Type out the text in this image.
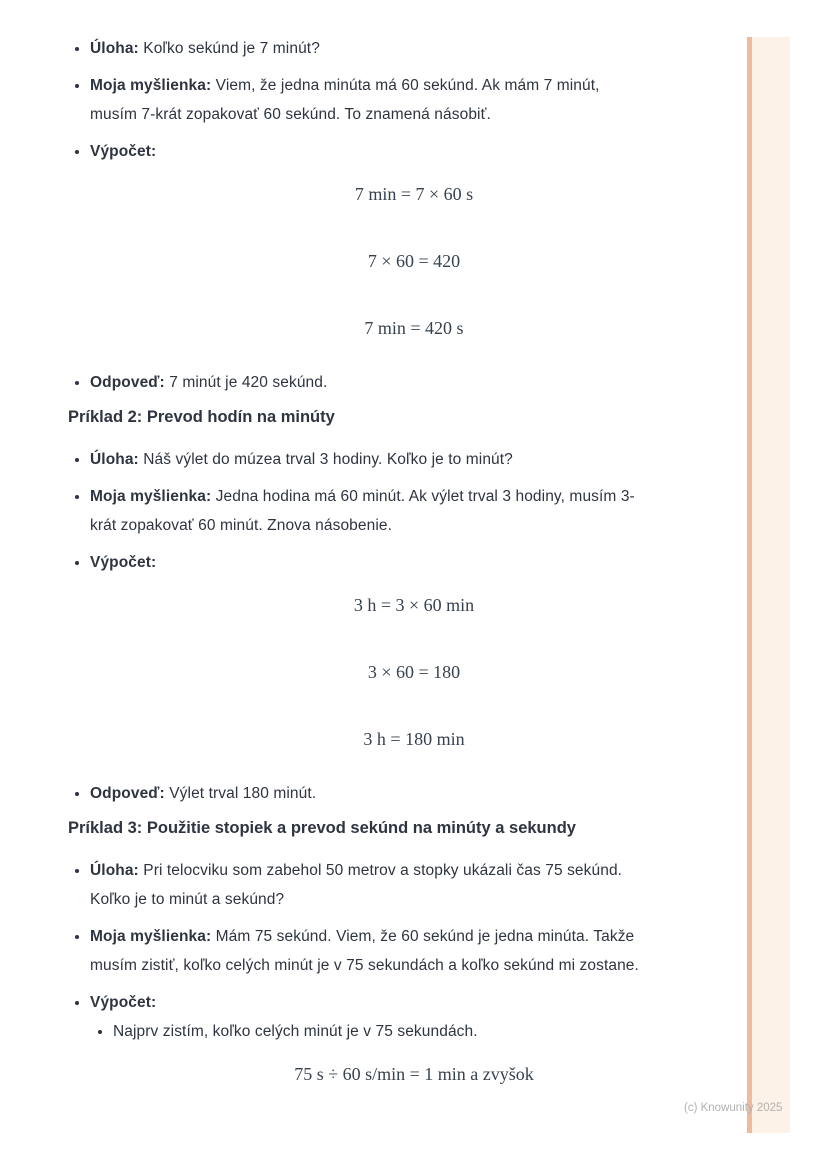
• Úloha: Koľko sekúnd je 7 minút?
• Moja myšlienka: Viem, že jedna minúta má 60 sekúnd. Ak mám 7 minút, musím 7-krát zopakovať 60 sekúnd. To znamená násobiť.
• Výpočet:
7 min = 7 × 60 s
7 × 60 = 420
7 min = 420 s
• Odpoveď: 7 minút je 420 sekúnd.
Príklad 2: Prevod hodín na minúty
• Úloha: Náš výlet do múzea trval 3 hodiny. Koľko je to minút?
• Moja myšlienka: Jedna hodina má 60 minút. Ak výlet trval 3 hodiny, musím 3-krát zopakovať 60 minút. Znova násobenie.
• Výpočet:
3 h = 3 × 60 min
3 × 60 = 180
3 h = 180 min
• Odpoveď: Výlet trval 180 minút.
Príklad 3: Použitie stopiek a prevod sekúnd na minúty a sekundy
• Úloha: Pri telocviku som zabehol 50 metrov a stopky ukázali čas 75 sekúnd. Koľko je to minút a sekúnd?
• Moja myšlienka: Mám 75 sekúnd. Viem, že 60 sekúnd je jedna minúta. Takže musím zistiť, koľko celých minút je v 75 sekundách a koľko sekúnd mi zostane.
• Výpočet:
• Najprv zistím, koľko celých minút je v 75 sekundách.
75 s ÷ 60 s/min = 1 min a zvyšok
(c) Knowunity 2025
